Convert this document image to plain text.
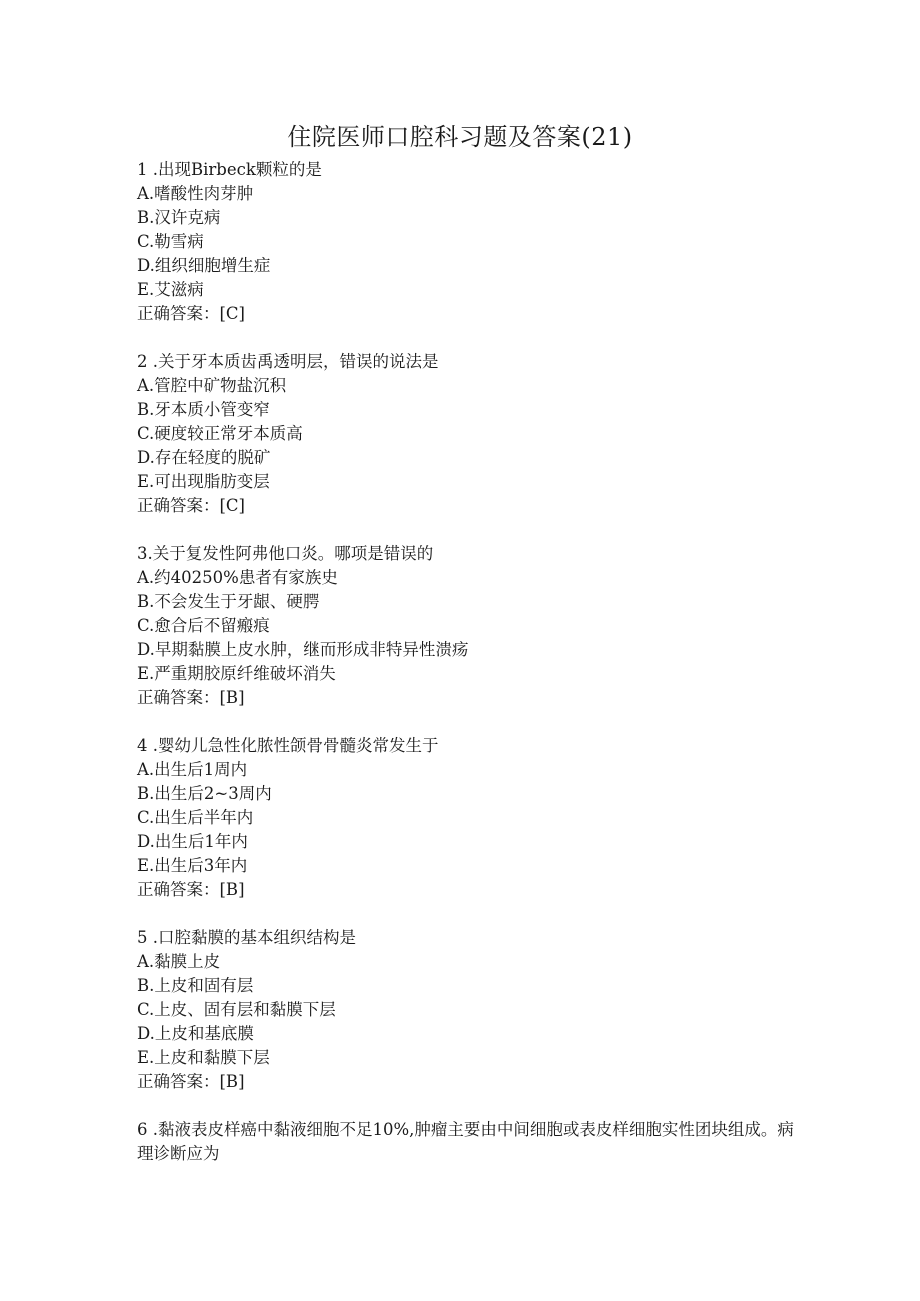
住院医师口腔科习题及答案(21)
1 .出现Birbeck颗粒的是
A.嗜酸性肉芽肿
B.汉许克病
C.勒雪病
D.组织细胞增生症
E.艾滋病
正确答案：[C]
2 .关于牙本质齿禹透明层，错误的说法是
A.管腔中矿物盐沉积
B.牙本质小管变窄
C.硬度较正常牙本质高
D.存在轻度的脱矿
E.可出现脂肪变层
正确答案：[C]
3.关于复发性阿弗他口炎。哪项是错误的
A.约40250%患者有家族史
B.不会发生于牙龈、硬腭
C.愈合后不留瘢痕
D.早期黏膜上皮水肿，继而形成非特异性溃疡
E.严重期胶原纤维破坏消失
正确答案：[B]
4 .婴幼儿急性化脓性颌骨骨髓炎常发生于
A.出生后1周内
B.出生后2~3周内
C.出生后半年内
D.出生后1年内
E.出生后3年内
正确答案：[B]
5 .口腔黏膜的基本组织结构是
A.黏膜上皮
B.上皮和固有层
C.上皮、固有层和黏膜下层
D.上皮和基底膜
E.上皮和黏膜下层
正确答案：[B]
6 .黏液表皮样癌中黏液细胞不足10%,肿瘤主要由中间细胞或表皮样细胞实性团块组成。病理诊断应为
